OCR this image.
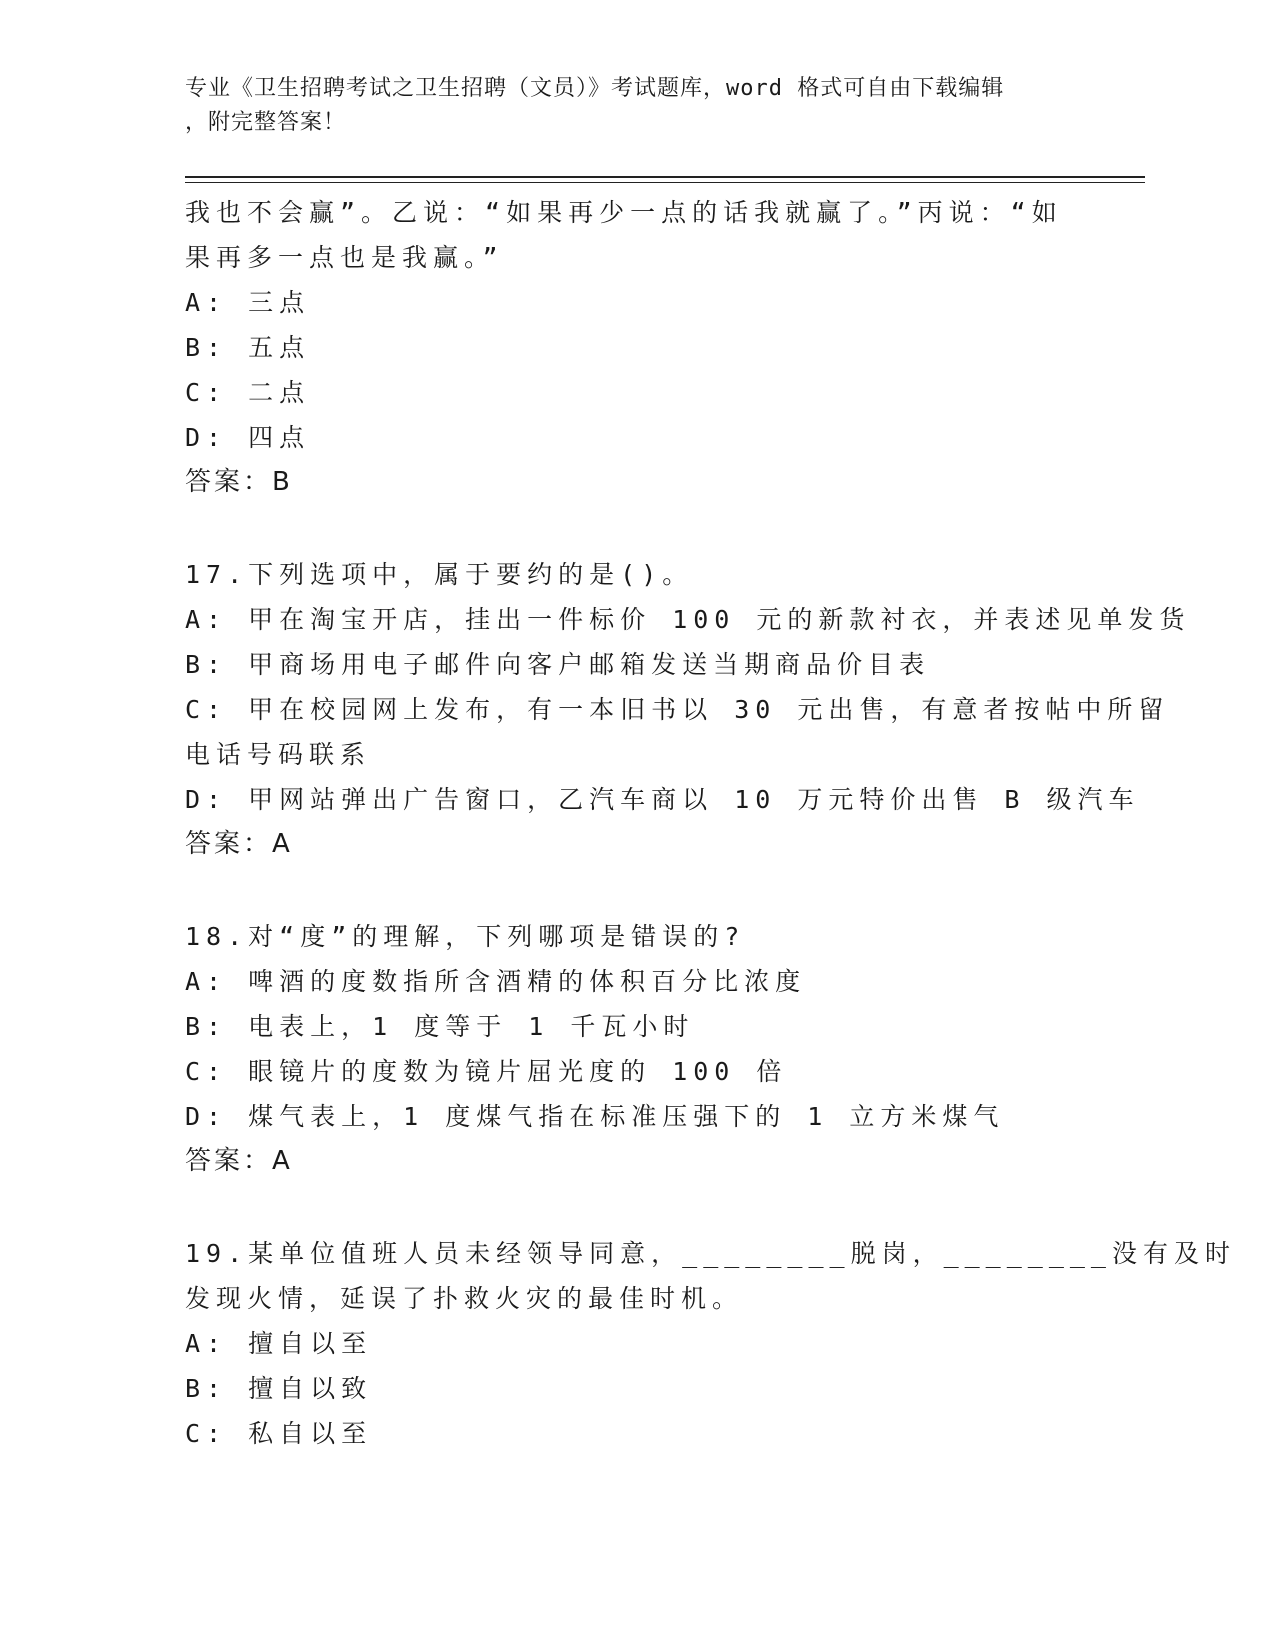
专业《卫生招聘考试之卫生招聘（文员）》考试题库，word 格式可自由下载编辑
，附完整答案！
我也不会赢”。乙说：“如果再少一点的话我就赢了。”丙说：“如
果再多一点也是我赢。”
A: 三点
B: 五点
C: 二点
D: 四点
答案：B
17.下列选项中，属于要约的是()。
A: 甲在淘宝开店，挂出一件标价 100 元的新款衬衣，并表述见单发货
B: 甲商场用电子邮件向客户邮箱发送当期商品价目表
C: 甲在校园网上发布，有一本旧书以 30 元出售，有意者按帖中所留
电话号码联系
D: 甲网站弹出广告窗口，乙汽车商以 10 万元特价出售 B 级汽车
答案：A
18.对“度”的理解，下列哪项是错误的?
A: 啤酒的度数指所含酒精的体积百分比浓度
B: 电表上，1 度等于 1 千瓦小时
C: 眼镜片的度数为镜片屈光度的 100 倍
D: 煤气表上，1 度煤气指在标准压强下的 1 立方米煤气
答案：A
19.某单位值班人员未经领导同意，________脱岗，________没有及时
发现火情，延误了扑救火灾的最佳时机。
A: 擅自以至
B: 擅自以致
C: 私自以至
